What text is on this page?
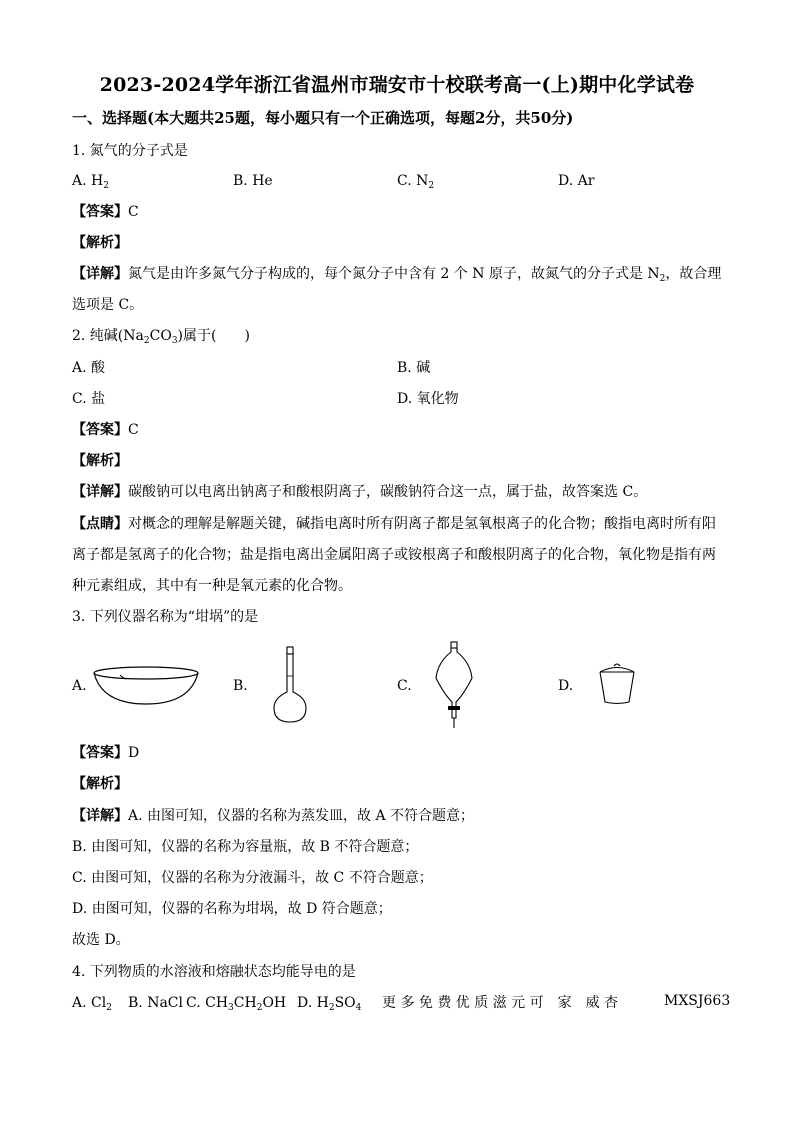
2023-2024学年浙江省温州市瑞安市十校联考高一(上)期中化学试卷
一、选择题(本大题共25题，每小题只有一个正确选项，每题2分，共50分)
1. 氮气的分子式是
A. $H_2$	B. He	C. $N_2$	D. Ar
【答案】C
【解析】
【详解】氮气是由许多氮气分子构成的，每个氮分子中含有 2 个 N 原子，故氮气的分子式是 $N_2$，故合理
选项是 C。
2. 纯碱$(Na_2CO_3)$属于(　　)
A. 酸	B. 碱
C. 盐	D. 氧化物
【答案】C
【解析】
【详解】碳酸钠可以电离出钠离子和酸根阴离子，碳酸钠符合这一点，属于盐，故答案选 C。
【点睛】对概念的理解是解题关键，碱指电离时所有阴离子都是氢氧根离子的化合物；酸指电离时所有阳
离子都是氢离子的化合物；盐是指电离出金属阳离子或铵根离子和酸根阴离子的化合物，氧化物是指有两
种元素组成，其中有一种是氧元素的化合物。
3. 下列仪器名称为“坩埚”的是
A.	B.	C.	D.
【答案】D
【解析】
【详解】A. 由图可知，仪器的名称为蒸发皿，故 A 不符合题意；
B. 由图可知，仪器的名称为容量瓶，故 B 不符合题意；
C. 由图可知，仪器的名称为分液漏斗，故 C 不符合题意；
D. 由图可知，仪器的名称为坩埚，故 D 符合题意；
故选 D。
4. 下列物质的水溶液和熔融状态均能导电的是
A. $Cl_2$ B. NaCl C. $CH_3CH_2OH$ D. $H_2SO_4$ 更 多 免 费 优 质 滋 元 可　家　威 杏	MXSJ663
